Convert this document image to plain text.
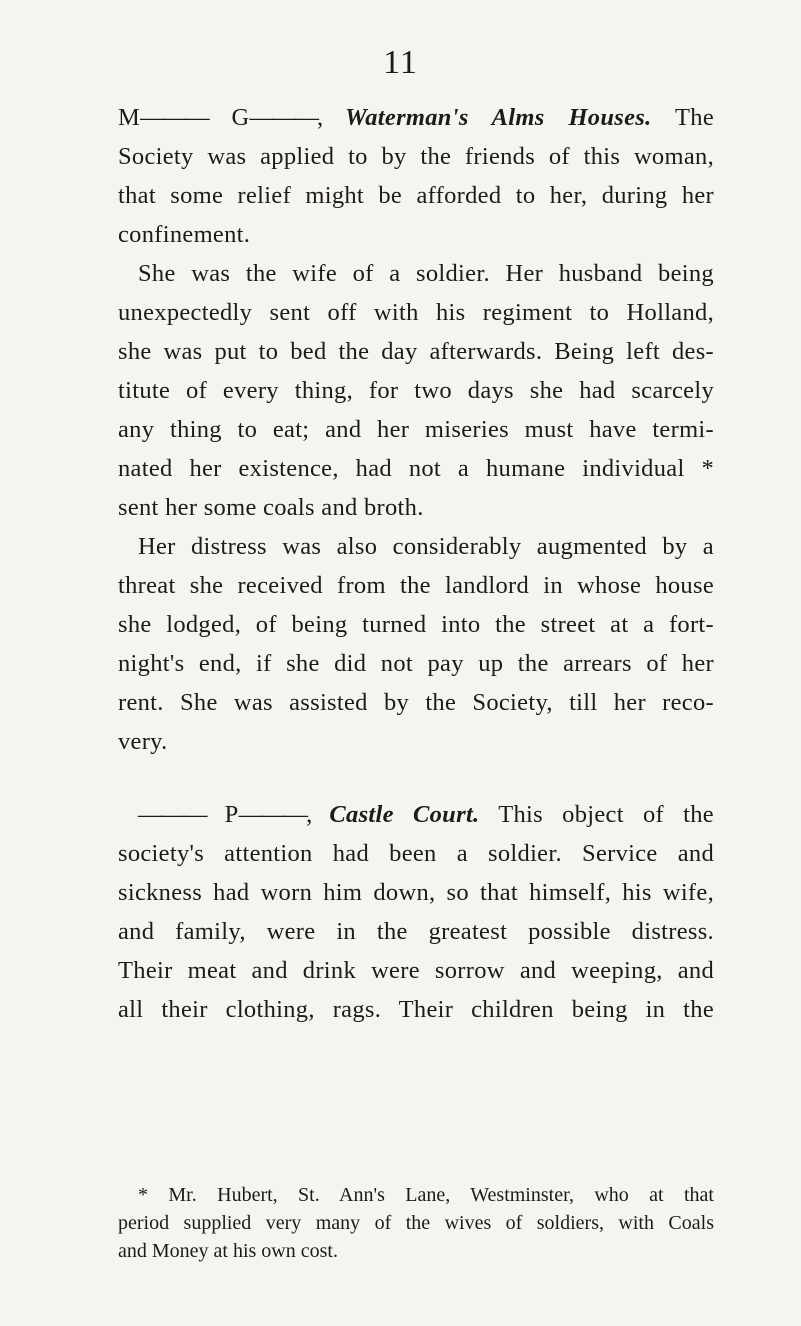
11
M——— G———, Waterman's Alms Houses. The
Society was applied to by the friends of this woman,
that some relief might be afforded to her, during her
confinement.
She was the wife of a soldier. Her husband being
unexpectedly sent off with his regiment to Holland,
she was put to bed the day afterwards. Being left des-
titute of every thing, for two days she had scarcely
any thing to eat; and her miseries must have termi-
nated her existence, had not a humane individual *
sent her some coals and broth.
Her distress was also considerably augmented by a
threat she received from the landlord in whose house
she lodged, of being turned into the street at a fort-
night's end, if she did not pay up the arrears of her
rent. She was assisted by the Society, till her reco-
very.
——— P———, Castle Court. This object of the
society's attention had been a soldier. Service and
sickness had worn him down, so that himself, his wife,
and family, were in the greatest possible distress.
Their meat and drink were sorrow and weeping, and
all their clothing, rags. Their children being in the
* Mr. Hubert, St. Ann's Lane, Westminster, who at that
period supplied very many of the wives of soldiers, with Coals
and Money at his own cost.
